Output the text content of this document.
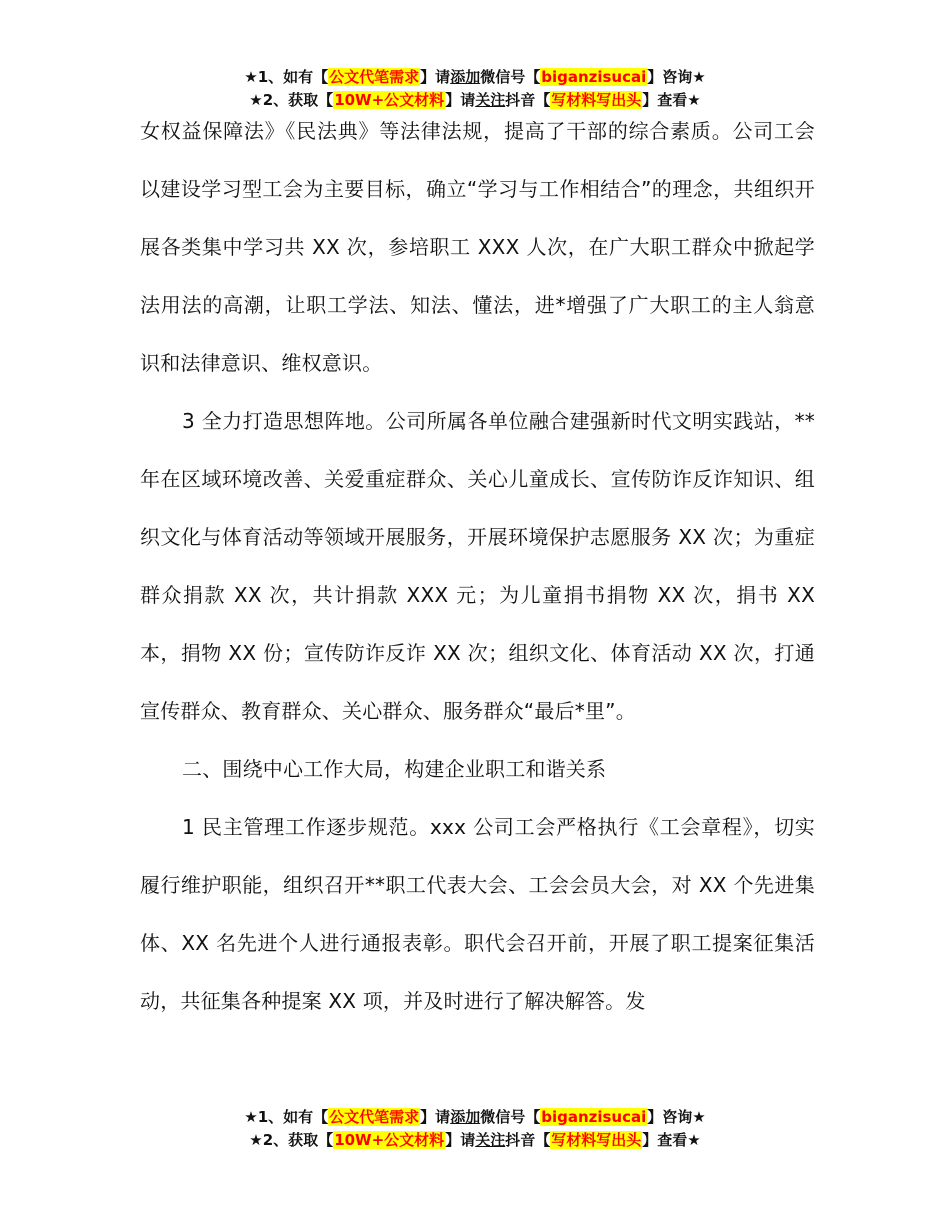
★1、如有【公文代笔需求】请添加微信号【biganzisucai】咨询★
★2、获取【10W+公文材料】请关注抖音【写材料写出头】查看★

女权益保障法》《民法典》等法律法规，提高了干部的综合素质。公司工会以建设学习型工会为主要目标，确立“学习与工作相结合”的理念，共组织开展各类集中学习共 XX 次，参培职工 XXX 人次，在广大职工群众中掀起学法用法的高潮，让职工学法、知法、懂法，进*增强了广大职工的主人翁意识和法律意识、维权意识。

3 全力打造思想阵地。公司所属各单位融合建强新时代文明实践站，**年在区域环境改善、关爱重症群众、关心儿童成长、宣传防诈反诈知识、组织文化与体育活动等领域开展服务，开展环境保护志愿服务 XX 次；为重症群众捐款 XX 次，共计捐款 XXX 元；为儿童捐书捐物 XX 次，捐书 XX 本，捐物 XX 份；宣传防诈反诈 XX 次；组织文化、体育活动 XX 次，打通宣传群众、教育群众、关心群众、服务群众“最后*里”。

二、围绕中心工作大局，构建企业职工和谐关系

1 民主管理工作逐步规范。xxx 公司工会严格执行《工会章程》，切实履行维护职能，组织召开**职工代表大会、工会会员大会，对 XX 个先进集体、XX 名先进个人进行通报表彰。职代会召开前，开展了职工提案征集活动，共征集各种提案 XX 项，并及时进行了解决解答。发

★1、如有【公文代笔需求】请添加微信号【biganzisucai】咨询★
★2、获取【10W+公文材料】请关注抖音【写材料写出头】查看★
